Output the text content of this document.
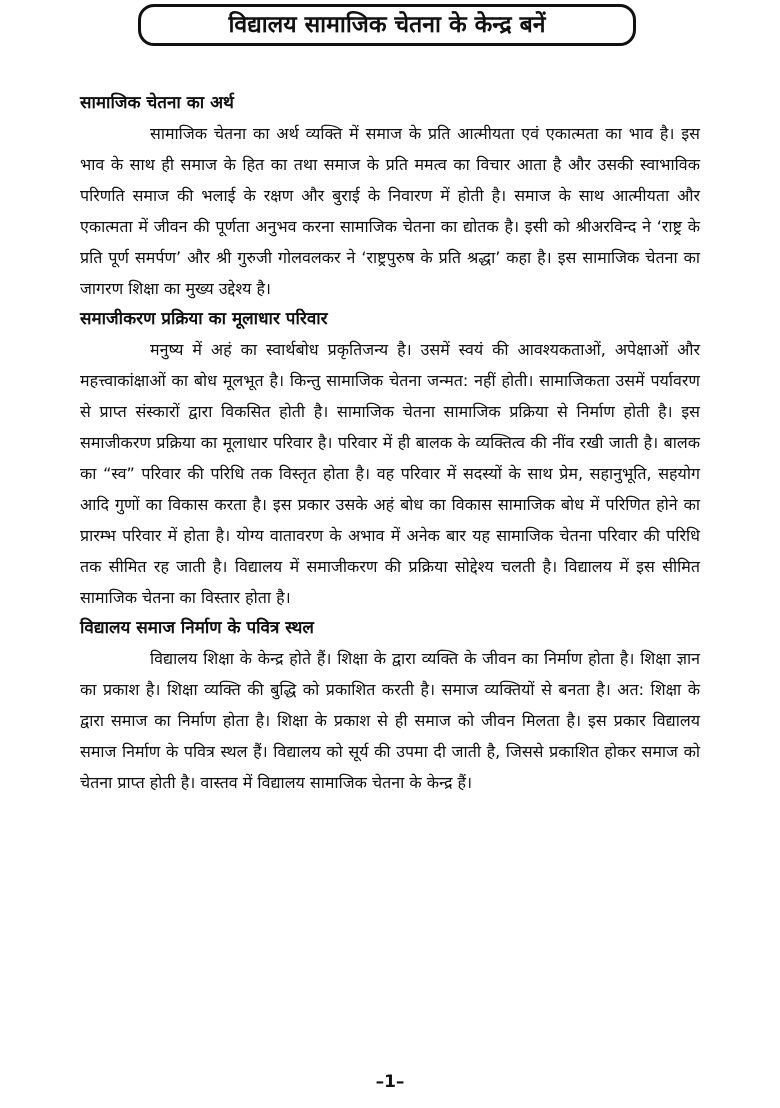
विद्यालय सामाजिक चेतना के केन्द्र बनें
सामाजिक चेतना का अर्थ

सामाजिक चेतना का अर्थ व्यक्ति में समाज के प्रति आत्मीयता एवं एकात्मता का भाव है। इस भाव के साथ ही समाज के हित का तथा समाज के प्रति ममत्व का विचार आता है और उसकी स्वाभाविक परिणति समाज की भलाई के रक्षण और बुराई के निवारण में होती है। समाज के साथ आत्मीयता और एकात्मता में जीवन की पूर्णता अनुभव करना सामाजिक चेतना का द्योतक है। इसी को श्रीअरविन्द ने ‘राष्ट्र के प्रति पूर्ण समर्पण’ और श्री गुरुजी गोलवलकर ने ‘राष्ट्रपुरुष के प्रति श्रद्धा’ कहा है। इस सामाजिक चेतना का जागरण शिक्षा का मुख्य उद्देश्य है।

समाजीकरण प्रक्रिया का मूलाधार परिवार

मनुष्य में अहं का स्वार्थबोध प्रकृतिजन्य है। उसमें स्वयं की आवश्यकताओं, अपेक्षाओं और महत्त्वाकांक्षाओं का बोध मूलभूत है। किन्तु सामाजिक चेतना जन्मत: नहीं होती। सामाजिकता उसमें पर्यावरण से प्राप्त संस्कारों द्वारा विकसित होती है। सामाजिक चेतना सामाजिक प्रक्रिया से निर्माण होती है। इस समाजीकरण प्रक्रिया का मूलाधार परिवार है। परिवार में ही बालक के व्यक्तित्व की नींव रखी जाती है। बालक का “स्व” परिवार की परिधि तक विस्तृत होता है। वह परिवार में सदस्यों के साथ प्रेम, सहानुभूति, सहयोग आदि गुणों का विकास करता है। इस प्रकार उसके अहं बोध का विकास सामाजिक बोध में परिणित होने का प्रारम्भ परिवार में होता है। योग्य वातावरण के अभाव में अनेक बार यह सामाजिक चेतना परिवार की परिधि तक सीमित रह जाती है। विद्यालय में समाजीकरण की प्रक्रिया सोद्देश्य चलती है। विद्यालय में इस सीमित सामाजिक चेतना का विस्तार होता है।

विद्यालय समाज निर्माण के पवित्र स्थल

विद्यालय शिक्षा के केन्द्र होते हैं। शिक्षा के द्वारा व्यक्ति के जीवन का निर्माण होता है। शिक्षा ज्ञान का प्रकाश है। शिक्षा व्यक्ति की बुद्धि को प्रकाशित करती है। समाज व्यक्तियों से बनता है। अत: शिक्षा के द्वारा समाज का निर्माण होता है। शिक्षा के प्रकाश से ही समाज को जीवन मिलता है। इस प्रकार विद्यालय समाज निर्माण के पवित्र स्थल हैं। विद्यालय को सूर्य की उपमा दी जाती है, जिससे प्रकाशित होकर समाज को चेतना प्राप्त होती है। वास्तव में विद्यालय सामाजिक चेतना के केन्द्र हैं।

–1–
